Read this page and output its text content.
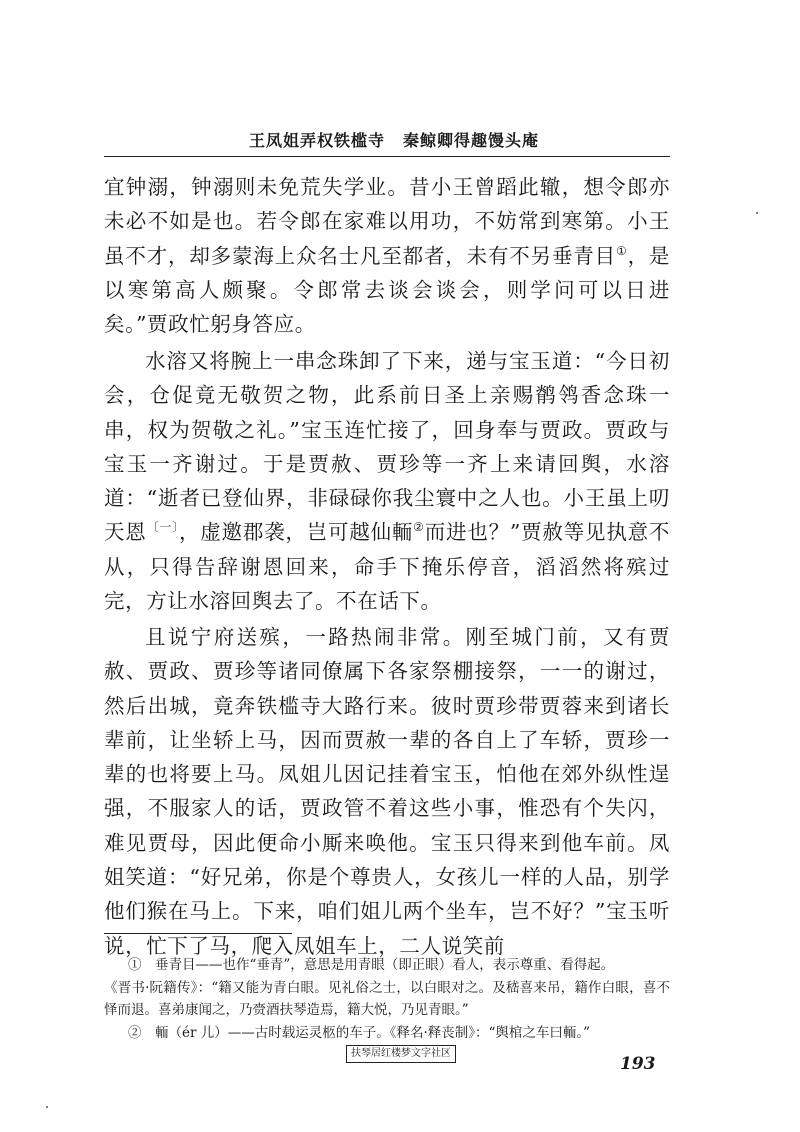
王凤姐弄权铁槛寺 秦鲸卿得趣馒头庵

宜钟溺，钟溺则未免荒失学业。昔小王曾蹈此辙，想令郎亦未必不如是也。若令郎在家难以用功，不妨常到寒第。小王虽不才，却多蒙海上众名士凡至都者，未有不另垂青目①，是以寒第高人颇聚。令郎常去谈会谈会，则学问可以日进矣。”贾政忙躬身答应。

水溶又将腕上一串念珠卸了下来，递与宝玉道：“今日初会，仓促竟无敬贺之物，此系前日圣上亲赐鹡鸰香念珠一串，权为贺敬之礼。”宝玉连忙接了，回身奉与贾政。贾政与宝玉一齐谢过。于是贾赦、贾珍等一齐上来请回舆，水溶道：“逝者已登仙界，非碌碌你我尘寰中之人也。小王虽上叨天恩$^{〔一〕}$，虚邀郡袭，岂可越仙輀②而进也？”贾赦等见执意不从，只得告辞谢恩回来，命手下掩乐停音，滔滔然将殡过完，方让水溶回舆去了。不在话下。

且说宁府送殡，一路热闹非常。刚至城门前，又有贾赦、贾政、贾珍等诸同僚属下各家祭棚接祭，一一的谢过，然后出城，竟奔铁槛寺大路行来。彼时贾珍带贾蓉来到诸长辈前，让坐轿上马，因而贾赦一辈的各自上了车轿，贾珍一辈的也将要上马。凤姐儿因记挂着宝玉，怕他在郊外纵性逞强，不服家人的话，贾政管不着这些小事，惟恐有个失闪，难见贾母，因此便命小厮来唤他。宝玉只得来到他车前。凤姐笑道：“好兄弟，你是个尊贵人，女孩儿一样的人品，别学他们猴在马上。下来，咱们姐儿两个坐车，岂不好？”宝玉听说，忙下了马，爬入凤姐车上，二人说笑前

①　垂青目——也作“垂青”，意思是用青眼（即正眼）看人，表示尊重、看得起。

《晋书·阮籍传》：“籍又能为青白眼。见礼俗之士，以白眼对之。及嵇喜来吊，籍作白眼，喜不怿而退。喜弟康闻之，乃赍酒扶琴造焉，籍大悦，乃见青眼。”

②　輀（ér 儿）——古时载运灵柩的车子。《释名·释丧制》：“舆棺之车曰輀。”

扶琴居红楼梦文字社区
193
